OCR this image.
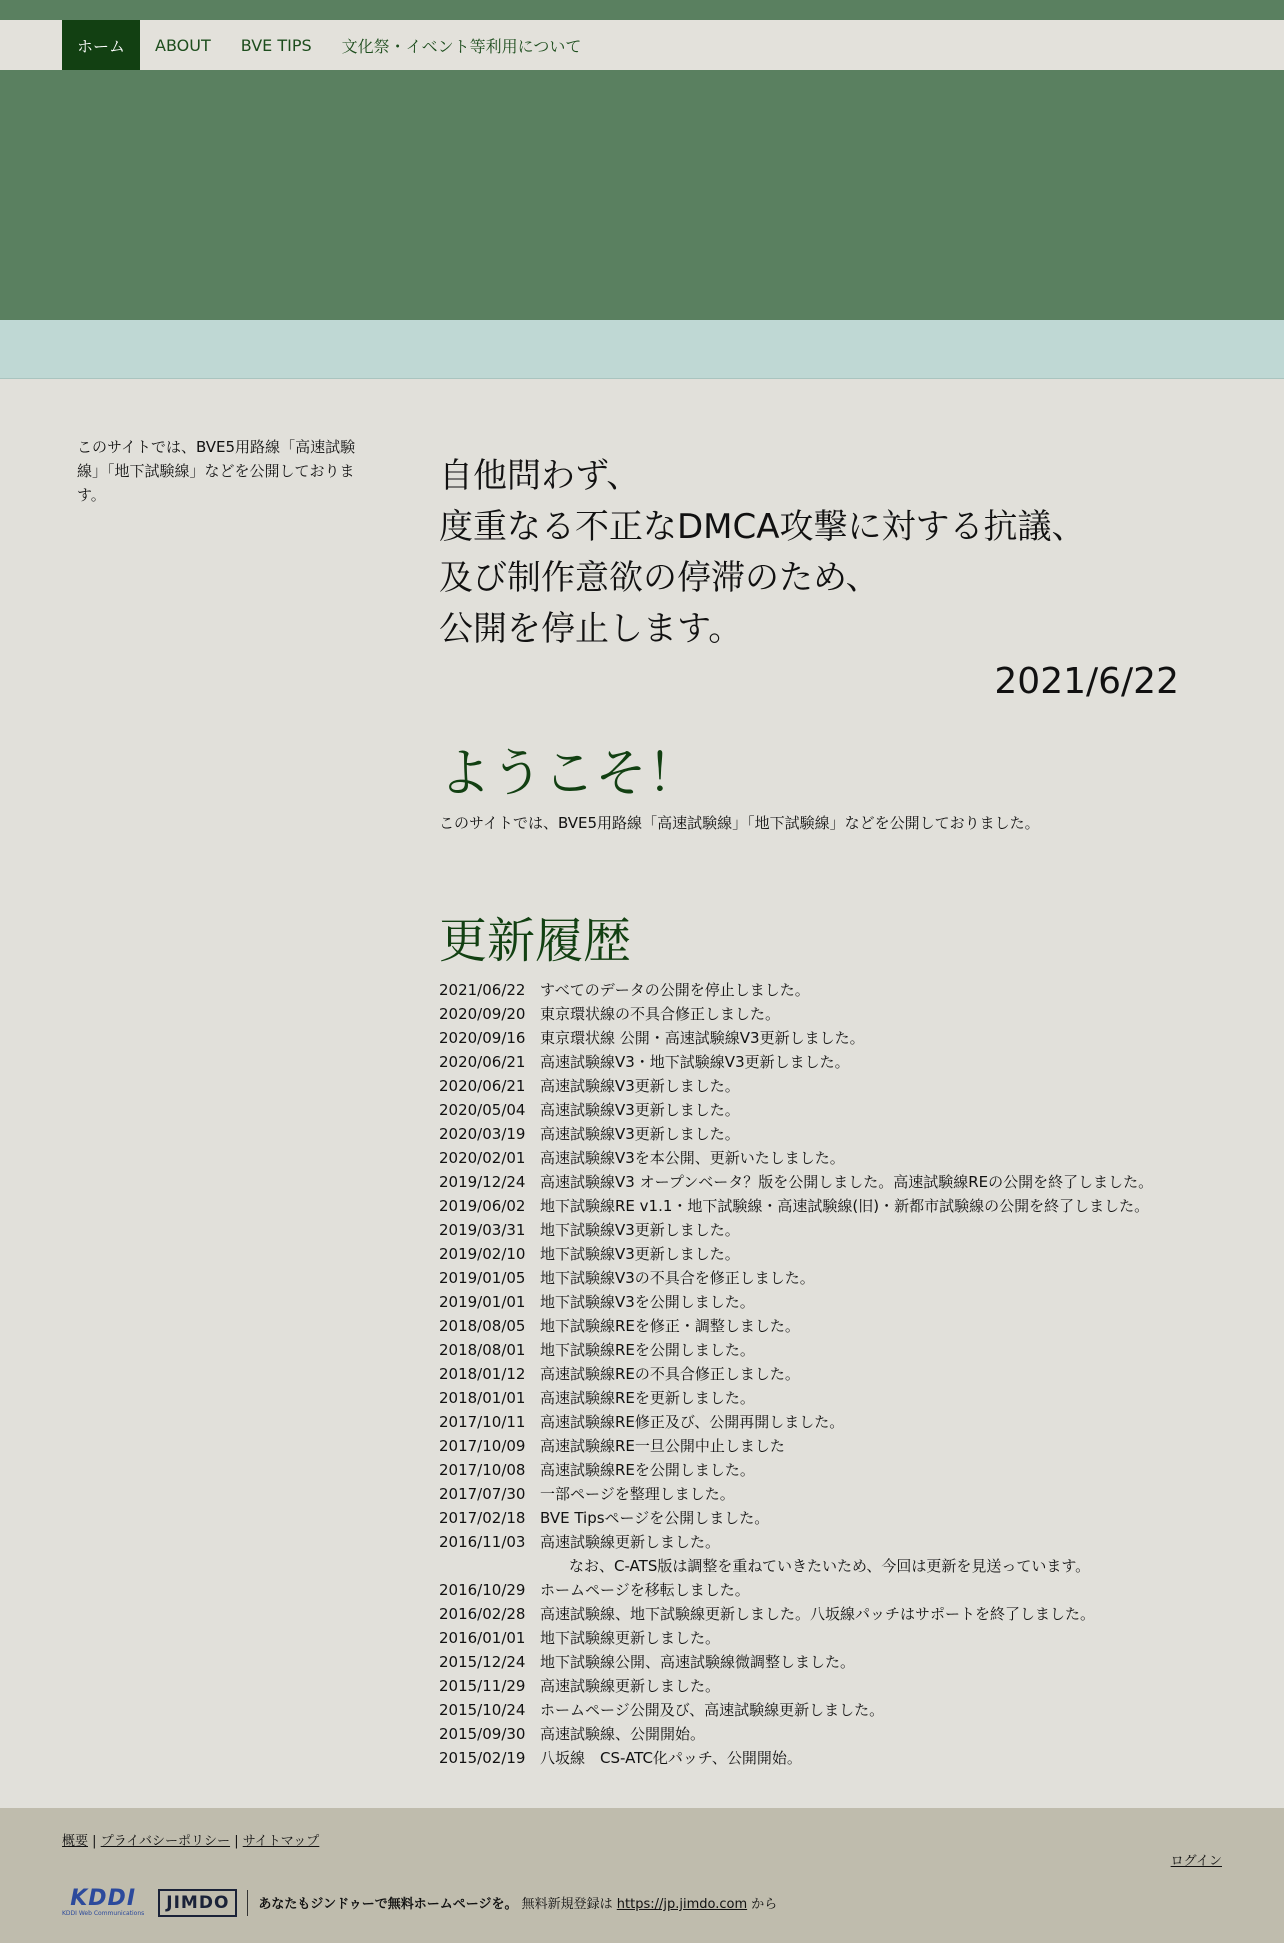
ホーム	ABOUT	BVE TIPS	文化祭・イベント等利用について
このサイトでは、BVE5用路線「高速試験線」「地下試験線」などを公開しております。	自他問わず、
度重なる不正なDMCA攻撃に対する抗議、
及び制作意欲の停滞のため、
公開を停止します。
2021/6/22
ようこそ！
このサイトでは、BVE5用路線「高速試験線」「地下試験線」などを公開しておりました。
更新履歴
2021/06/22 すべてのデータの公開を停止しました。
2020/09/20 東京環状線の不具合修正しました。
2020/09/16 東京環状線 公開・高速試験線V3更新しました。
2020/06/21 高速試験線V3・地下試験線V3更新しました。
2020/06/21 高速試験線V3更新しました。
2020/05/04 高速試験線V3更新しました。
2020/03/19 高速試験線V3更新しました。
2020/02/01 高速試験線V3を本公開、更新いたしました。
2019/12/24 高速試験線V3 オープンベータ？版を公開しました。高速試験線REの公開を終了しました。
2019/06/02 地下試験線RE v1.1・地下試験線・高速試験線(旧)・新都市試験線の公開を終了しました。
2019/03/31 地下試験線V3更新しました。
2019/02/10 地下試験線V3更新しました。
2019/01/05 地下試験線V3の不具合を修正しました。
2019/01/01 地下試験線V3を公開しました。
2018/08/05 地下試験線REを修正・調整しました。
2018/08/01 地下試験線REを公開しました。
2018/01/12 高速試験線REの不具合修正しました。
2018/01/01 高速試験線REを更新しました。
2017/10/11 高速試験線RE修正及び、公開再開しました。
2017/10/09 高速試験線RE一旦公開中止しました
2017/10/08 高速試験線REを公開しました。
2017/07/30 一部ページを整理しました。
2017/02/18 BVE Tipsページを公開しました。
2016/11/03 高速試験線更新しました。
なお、C-ATS版は調整を重ねていきたいため、今回は更新を見送っています。
2016/10/29 ホームページを移転しました。
2016/02/28 高速試験線、地下試験線更新しました。八坂線パッチはサポートを終了しました。
2016/01/01 地下試験線更新しました。
2015/12/24 地下試験線公開、高速試験線微調整しました。
2015/11/29 高速試験線更新しました。
2015/10/24 ホームページ公開及び、高速試験線更新しました。
2015/09/30 高速試験線、公開開始。
2015/02/19 八坂線　CS-ATC化パッチ、公開開始。
概要 | プライバシーポリシー | サイトマップ
ログイン
KDDI
KDDI Web Communications
JIMDO	あなたもジンドゥーで無料ホームページを。 無料新規登録は https://jp.jimdo.com から
